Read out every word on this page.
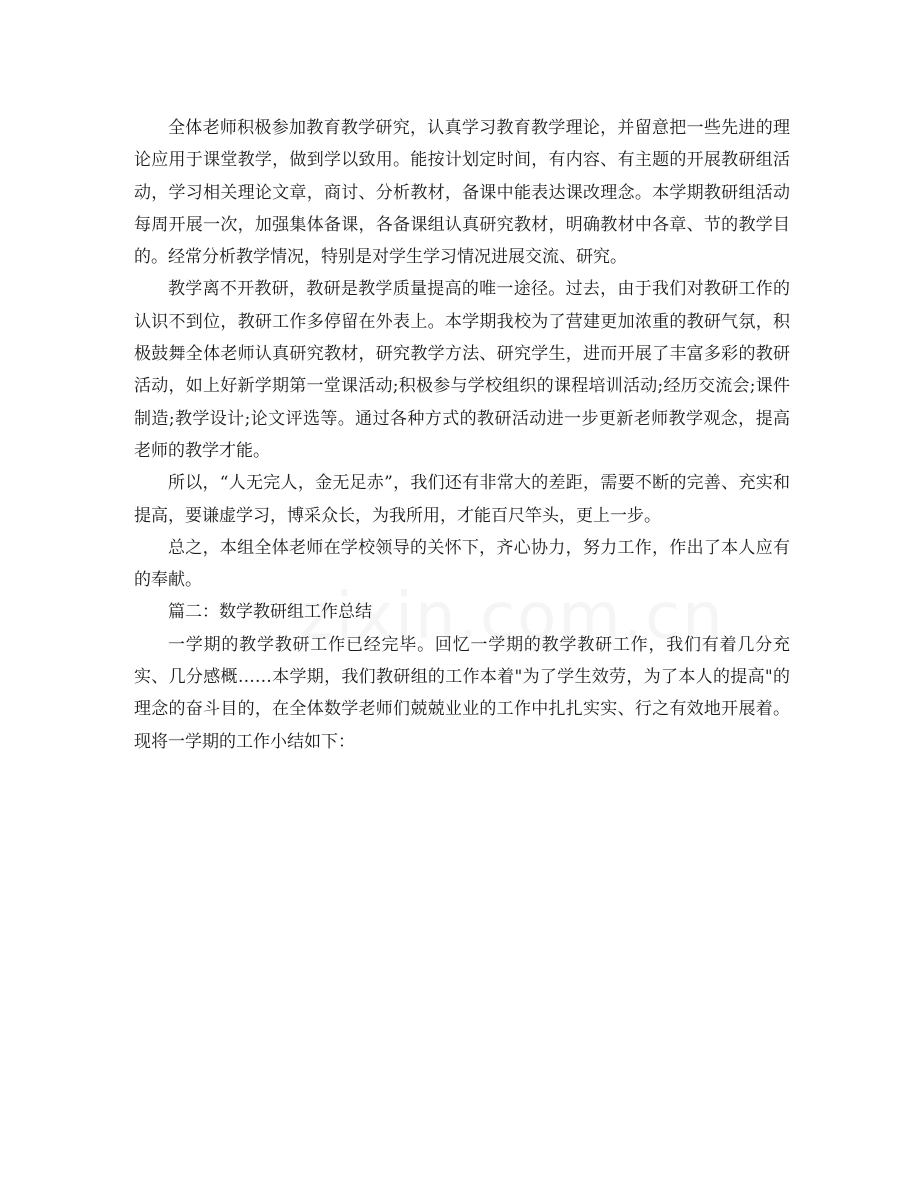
全体老师积极参加教育教学研究，认真学习教育教学理论，并留意把一些先进的理论应用于课堂教学，做到学以致用。能按计划定时间，有内容、有主题的开展教研组活动，学习相关理论文章，商讨、分析教材，备课中能表达课改理念。本学期教研组活动每周开展一次，加强集体备课，各备课组认真研究教材，明确教材中各章、节的教学目的。经常分析教学情况，特别是对学生学习情况进展交流、研究。

教学离不开教研，教研是教学质量提高的唯一途径。过去，由于我们对教研工作的认识不到位，教研工作多停留在外表上。本学期我校为了营建更加浓重的教研气氛，积极鼓舞全体老师认真研究教材，研究教学方法、研究学生，进而开展了丰富多彩的教研活动，如上好新学期第一堂课活动;积极参与学校组织的课程培训活动;经历交流会;课件制造;教学设计;论文评选等。通过各种方式的教研活动进一步更新老师教学观念，提高老师的教学才能。

所以，“人无完人，金无足赤”，我们还有非常大的差距，需要不断的完善、充实和提高，要谦虚学习，博采众长，为我所用，才能百尺竿头，更上一步。

总之，本组全体老师在学校领导的关怀下，齐心协力，努力工作，作出了本人应有的奉献。

篇二：数学教研组工作总结

一学期的教学教研工作已经完毕。回忆一学期的教学教研工作，我们有着几分充实、几分感概……本学期，我们教研组的工作本着"为了学生效劳，为了本人的提高"的理念的奋斗目的，在全体数学老师们兢兢业业的工作中扎扎实实、行之有效地开展着。现将一学期的工作小结如下：
